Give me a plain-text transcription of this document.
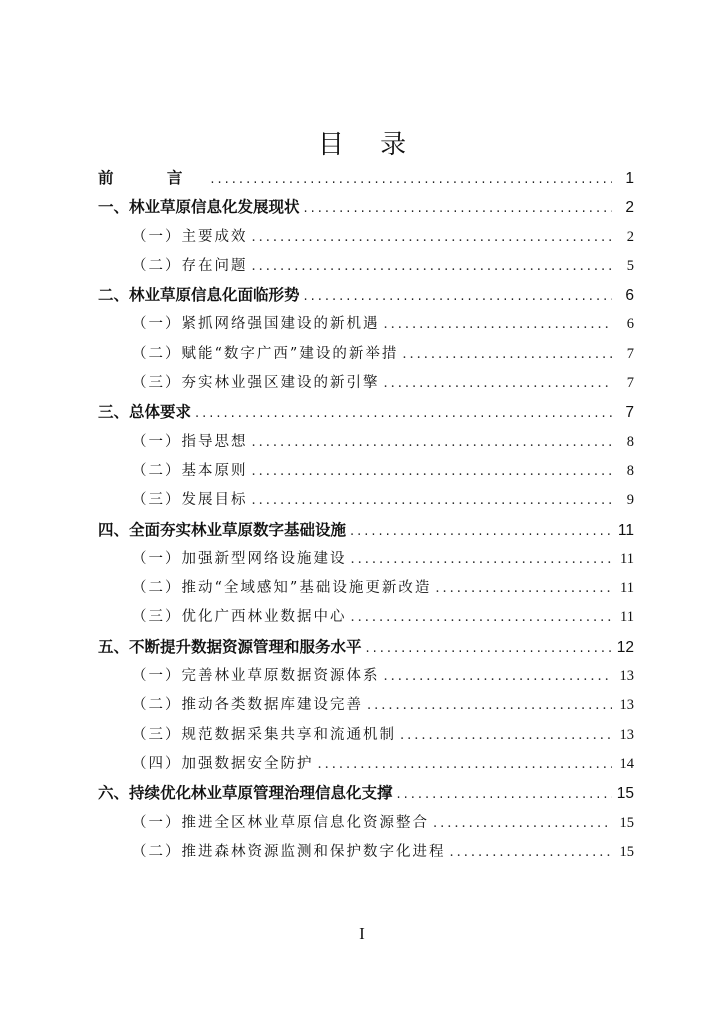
目 录
前 言 .....	1
一、林业草原信息化发展现状 .....	2
（一）主要成效 .....	2
（二）存在问题 .....	5
二、林业草原信息化面临形势 .....	6
（一）紧抓网络强国建设的新机遇 .....	6
（二）赋能“数字广西”建设的新举措 .....	7
（三）夯实林业强区建设的新引擎 .....	7
三、总体要求 .....	7
（一）指导思想 .....	8
（二）基本原则 .....	8
（三）发展目标 .....	9
四、全面夯实林业草原数字基础设施 .....	11
（一）加强新型网络设施建设 .....	11
（二）推动“全域感知”基础设施更新改造 .....	11
（三）优化广西林业数据中心 .....	11
五、不断提升数据资源管理和服务水平 .....	12
（一）完善林业草原数据资源体系 .....	13
（二）推动各类数据库建设完善 .....	13
（三）规范数据采集共享和流通机制 .....	13
（四）加强数据安全防护 .....	14
六、持续优化林业草原管理治理信息化支撑 .....	15
（一）推进全区林业草原信息化资源整合 .....	15
（二）推进森林资源监测和保护数字化进程 .....	15
I
